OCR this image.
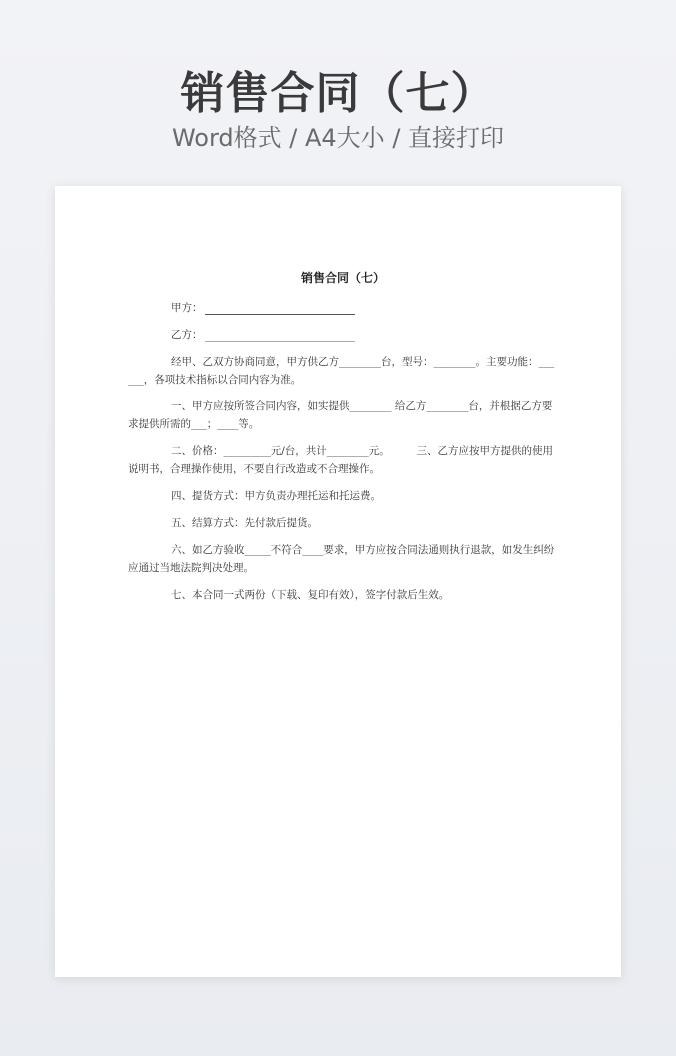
销售合同（七）
Word格式 / A4大小 / 直接打印
销售合同（七）
甲方：
乙方：
经甲、乙双方协商同意，甲方供乙方________台，型号：________。主要功能：______，各项技术指标以合同内容为准。
一、甲方应按所签合同内容，如实提供________ 给乙方________台，并根据乙方要求提供所需的___；____等。
二、价格：_________元/台，共计________元。        三、乙方应按甲方提供的使用说明书，合理操作使用，不要自行改造或不合理操作。
四、提货方式：甲方负责办理托运和托运费。
五、结算方式：先付款后提货。
六、如乙方验收_____不符合____要求，甲方应按合同法通则执行退款，如发生纠纷应通过当地法院判决处理。
七、本合同一式两份（下载、复印有效），签字付款后生效。
